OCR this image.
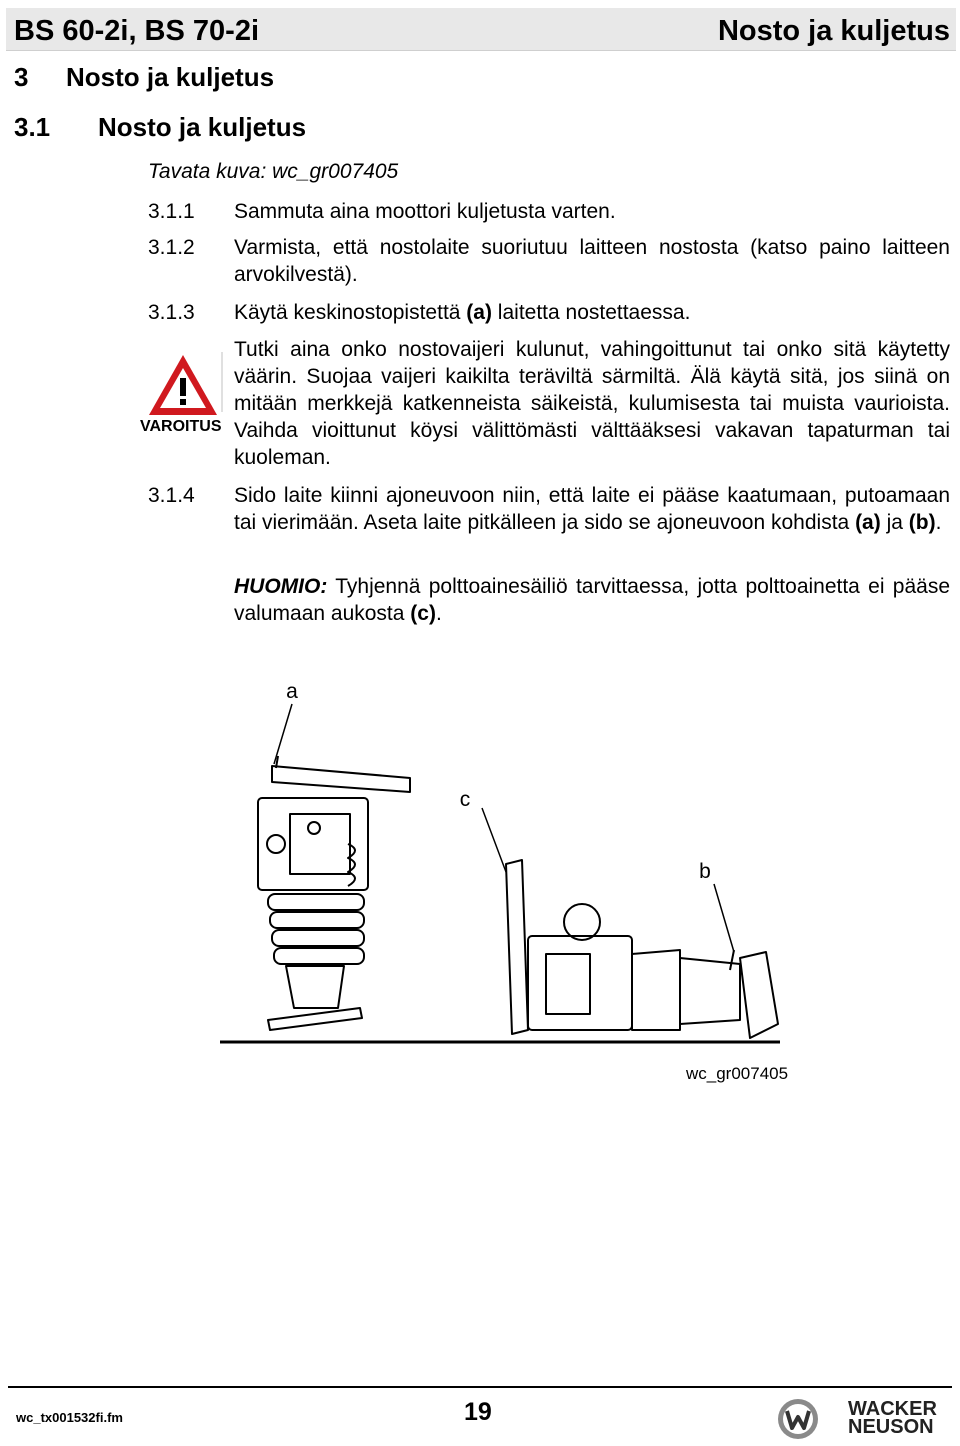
BS 60-2i, BS 70-2i	Nosto ja kuljetus
3 Nosto ja kuljetus
3.1 Nosto ja kuljetus
Tavata kuva: wc_gr007405
3.1.1	Sammuta aina moottori kuljetusta varten.
3.1.2	Varmista, että nostolaite suoriutuu laitteen nostosta (katso paino laitteen arvokilvestä).
3.1.3	Käytä keskinostopistettä (a) laitetta nostettaessa.
VAROITUS
Tutki aina onko nostovaijeri kulunut, vahingoittunut tai onko sitä käytetty väärin. Suojaa vaijeri kaikilta teräviltä särmiltä. Älä käytä sitä, jos siinä on mitään merkkejä katkenneista säikeistä, kulumisesta tai muista vaurioista. Vaihda vioittunut köysi välittömästi välttääksesi vakavan tapaturman tai kuoleman.
3.1.4	Sido laite kiinni ajoneuvoon niin, että laite ei pääse kaatumaan, putoamaan tai vierimään. Aseta laite pitkälleen ja sido se ajoneuvoon kohdista (a) ja (b).
HUOMIO: Tyhjennä polttoainesäiliö tarvittaessa, jotta polttoainetta ei pääse valumaan aukosta (c).
a
c
b
wc_gr007405
wc_tx001532fi.fm	19	WACKER
NEUSON
